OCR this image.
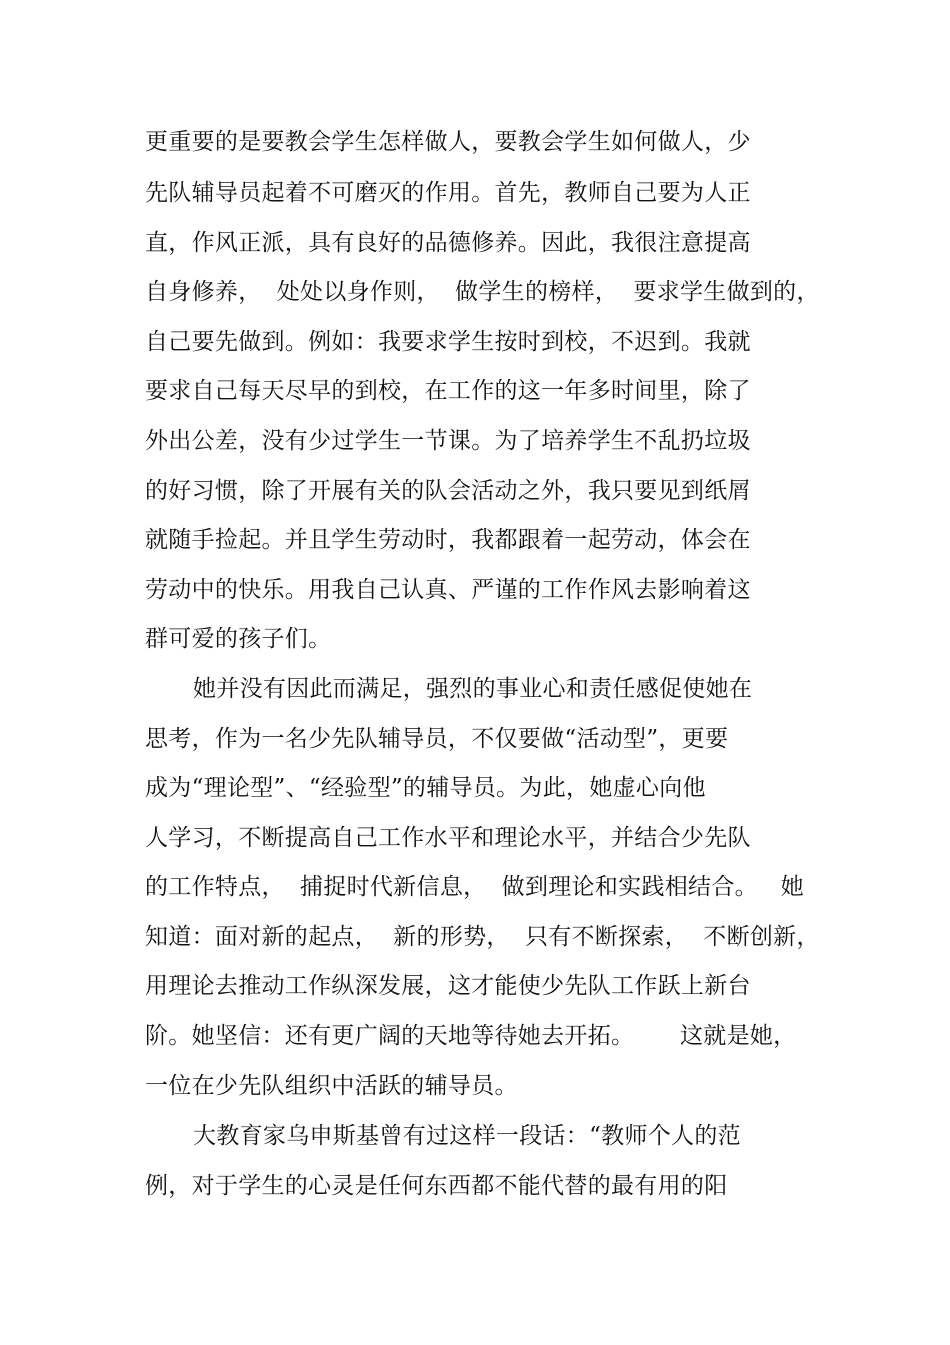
更重要的是要教会学生怎样做人，要教会学生如何做人，少
先队辅导员起着不可磨灭的作用。首先，教师自己要为人正
直，作风正派，具有良好的品德修养。因此，我很注意提高
自身修养，  处处以身作则，  做学生的榜样，  要求学生做到的，
自己要先做到。例如：我要求学生按时到校，不迟到。我就
要求自己每天尽早的到校，在工作的这一年多时间里，除了
外出公差，没有少过学生一节课。为了培养学生不乱扔垃圾
的好习惯，除了开展有关的队会活动之外，我只要见到纸屑
就随手捡起。并且学生劳动时，我都跟着一起劳动，体会在
劳动中的快乐。用我自己认真、严谨的工作作风去影响着这
群可爱的孩子们。
她并没有因此而满足，强烈的事业心和责任感促使她在
思考，作为一名少先队辅导员，不仅要做“活动型”，更要
成为“理论型”、“经验型”的辅导员。为此，她虚心向他
人学习，不断提高自己工作水平和理论水平，并结合少先队
的工作特点，  捕捉时代新信息，  做到理论和实践相结合。   她
知道：面对新的起点，  新的形势，  只有不断探索，  不断创新，
用理论去推动工作纵深发展，这才能使少先队工作跃上新台
阶。她坚信：还有更广阔的天地等待她去开拓。      这就是她，
一位在少先队组织中活跃的辅导员。
大教育家乌申斯基曾有过这样一段话：“教师个人的范
例，对于学生的心灵是任何东西都不能代替的最有用的阳
